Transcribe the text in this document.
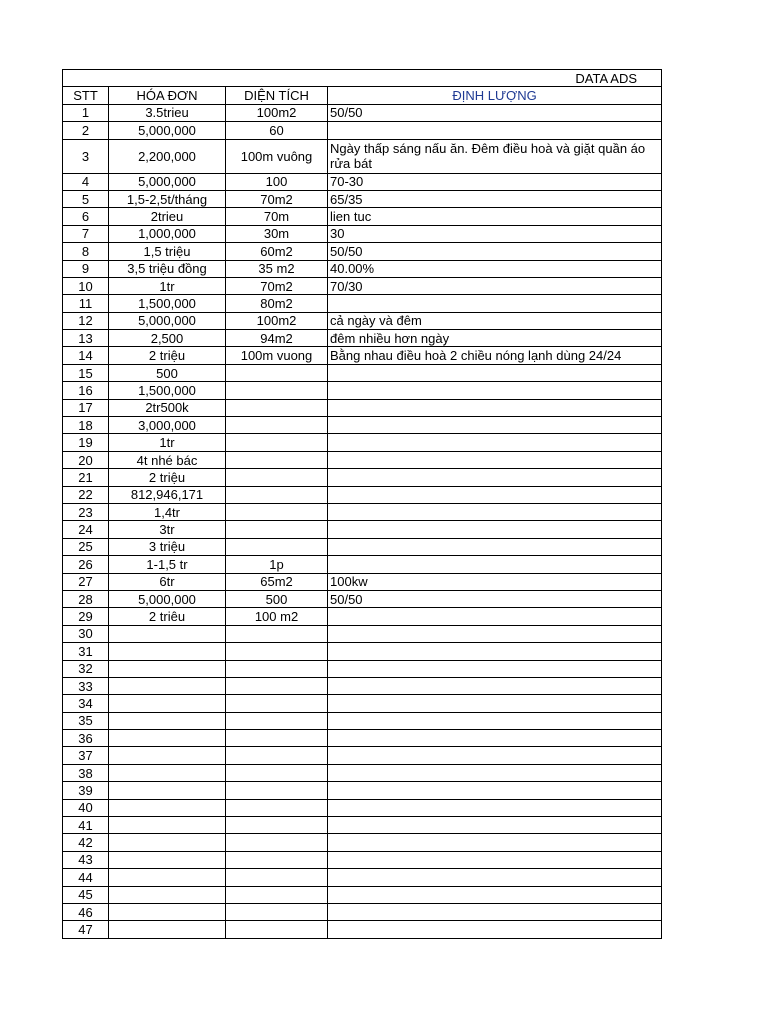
DATA ADS			
STT	HÓA ĐƠN	DIỆN TÍCH	ĐỊNH LƯỢNG
1	3.5trieu	100m2	50/50
2	5,000,000	60	
3	2,200,000	100m vuông	Ngày thấp sáng nấu ăn. Đêm điều hoà và giặt quần áo rửa bát
4	5,000,000	100	70-30
5	1,5-2,5t/tháng	70m2	65/35
6	2trieu	70m	lien tuc
7	1,000,000	30m	30
8	1,5 triệu	60m2	50/50
9	3,5 triệu đồng	35 m2	40.00%
10	1tr	70m2	70/30
11	1,500,000	80m2	
12	5,000,000	100m2	cả ngày và đêm
13	2,500	94m2	đêm nhiều hơn ngày
14	2 triệu	100m vuong	Bằng nhau điều hoà 2 chiều nóng lạnh dùng 24/24
15	500		
16	1,500,000		
17	2tr500k		
18	3,000,000		
19	1tr		
20	4t nhé bác		
21	2 triệu		
22	812,946,171		
23	1,4tr		
24	3tr		
25	3 triệu		
26	1-1,5 tr	1p	
27	6tr	65m2	100kw
28	5,000,000	500	50/50
29	2 triêu	100 m2	
30			
31			
32			
33			
34			
35			
36			
37			
38			
39			
40			
41			
42			
43			
44			
45			
46			
47			
